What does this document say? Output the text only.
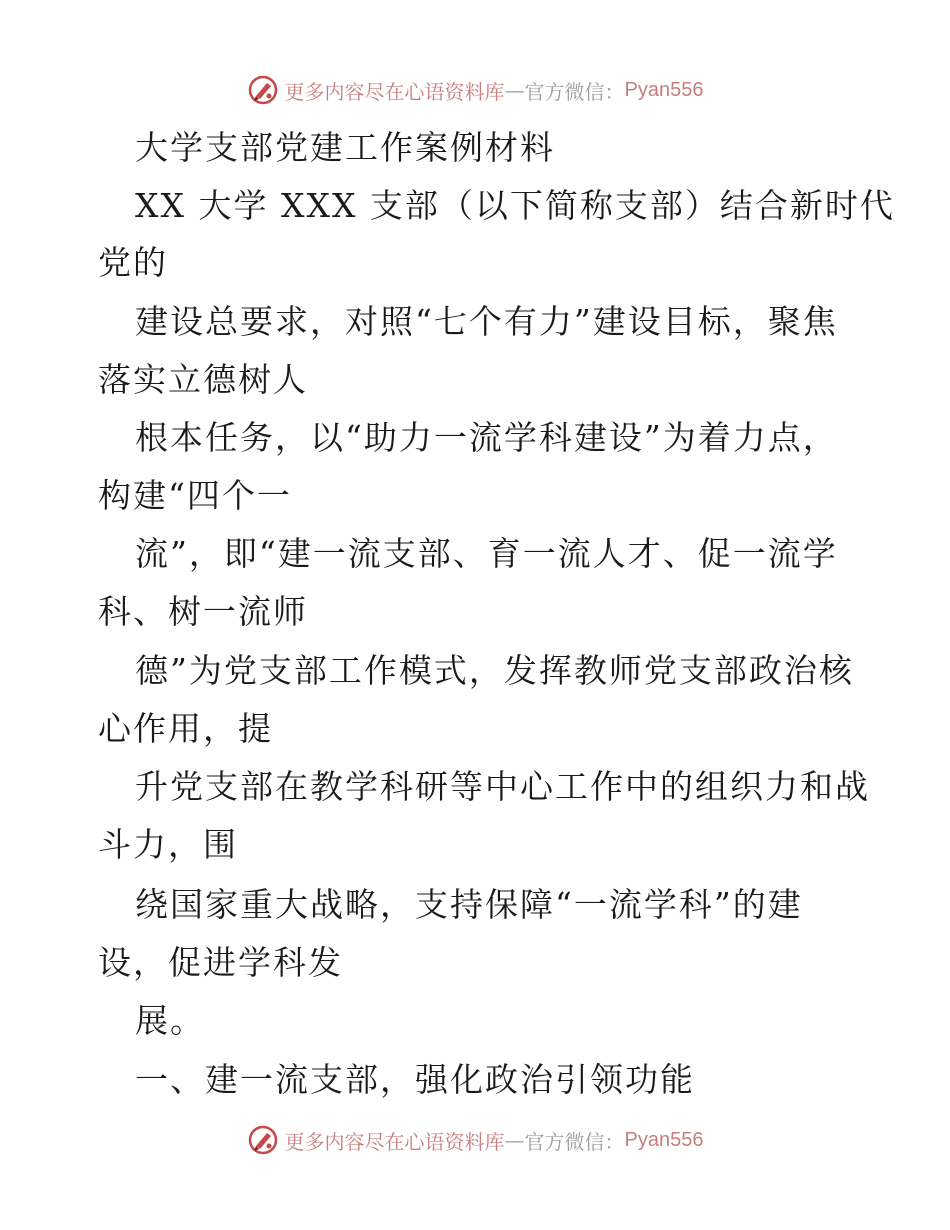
更多内容尽在心语资料库 — 官方微信： Pyan556
大学支部党建工作案例材料
XX 大学 XXX 支部（以下简称支部）结合新时代
党的
建设总要求，对照“七个有力”建设目标，聚焦
落实立德树人
根本任务，以“助力一流学科建设”为着力点，
构建“四个一
流”，即“建一流支部、育一流人才、促一流学
科、树一流师
德”为党支部工作模式，发挥教师党支部政治核
心作用，提
升党支部在教学科研等中心工作中的组织力和战
斗力，围
绕国家重大战略，支持保障“一流学科”的建
设，促进学科发
展。
一、建一流支部，强化政治引领功能
更多内容尽在心语资料库 — 官方微信： Pyan556
